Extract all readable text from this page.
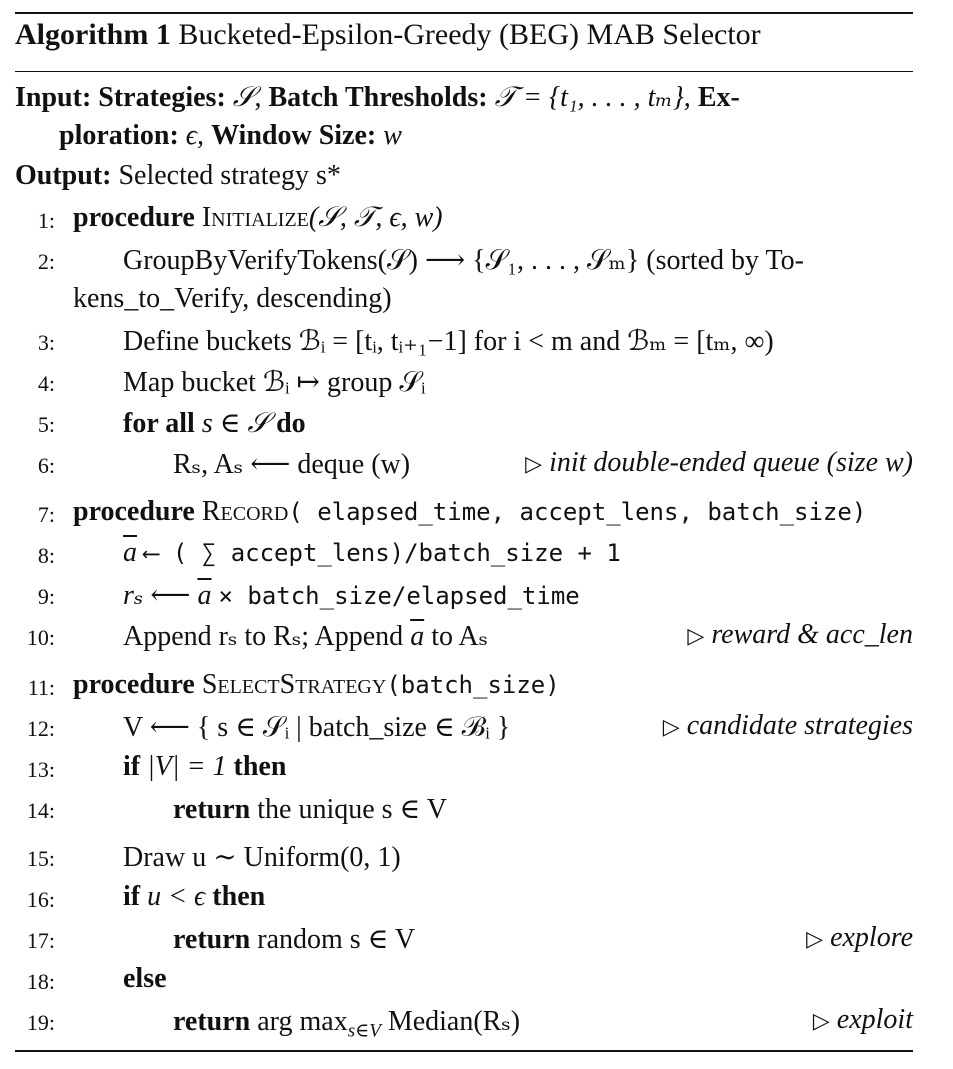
Algorithm 1 Bucketed-Epsilon-Greedy (BEG) MAB Selector
Input: Strategies: 𝒮, Batch Thresholds: 𝒯 = {t₁, . . . , tₘ}, Ex-
ploration: ϵ, Window Size: w
Output: Selected strategy s*
1: procedure Initialize(𝒮, 𝒯, ϵ, w)
2: GroupByVerifyTokens(𝒮) ⟶ {𝒮₁, . . . , 𝒮ₘ} (sorted by To-
kens_to_Verify, descending)
3: Define buckets ℬᵢ = [tᵢ, tᵢ₊₁−1] for i < m and ℬₘ = [tₘ, ∞)
4: Map bucket ℬᵢ ↦ group 𝒮ᵢ
5: for all s ∈ 𝒮 do
6:	Rₛ, Aₛ ⟵ deque (w)	▷ init double-ended queue (size w)
7: procedure Record( elapsed_time, accept_lens, batch_size)
8: $\overline{a}$ ⟵ ( ∑ accept_lens)/batch_size + 1
9: rₛ ⟵ $\overline{a}$ × batch_size/elapsed_time
10: Append rₛ to Rₛ; Append $\overline{a}$ to Aₛ	▷ reward & acc_len
11: procedure SelectStrategy(batch_size)
12: V ⟵ { s ∈ 𝒮ᵢ | batch_size ∈ ℬᵢ }	▷ candidate strategies
13: if |V| = 1 then
14:	return the unique s ∈ V
15: Draw u ∼ Uniform(0, 1)
16: if u < ϵ then
17:	return random s ∈ V	▷ explore
18: else
19:	return arg $\max_{s\in V}$ Median(Rₛ)	▷ exploit
